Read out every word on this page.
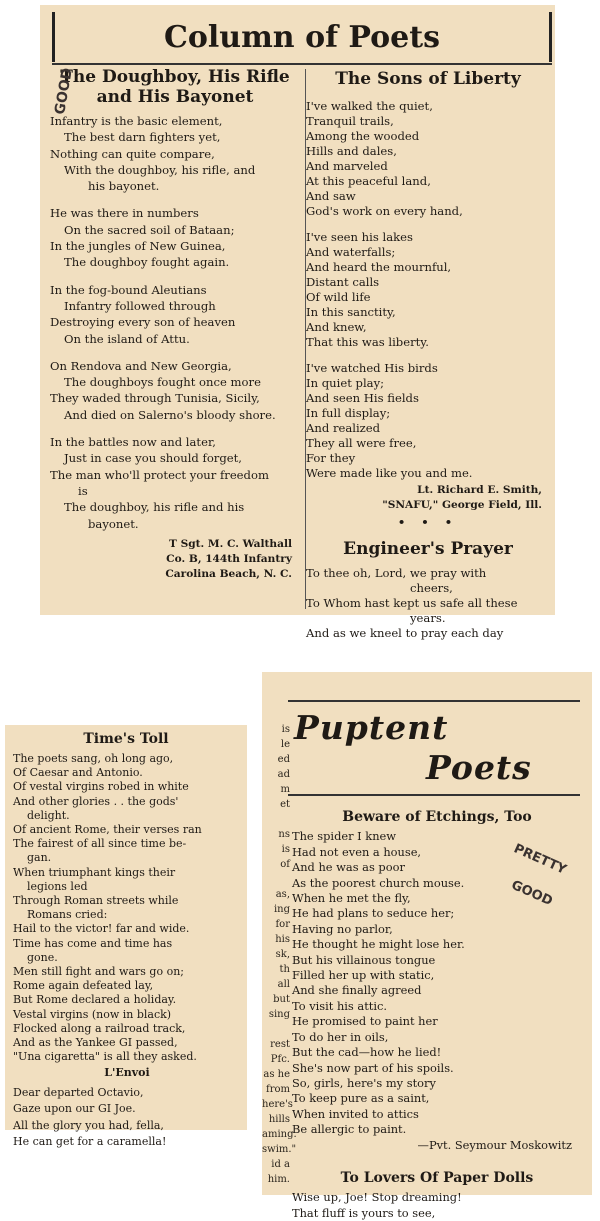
Column of Poets
The Doughboy, His Rifle
and His Bayonet
Infantry is the basic element,
The best darn fighters yet,
Nothing can quite compare,
With the doughboy, his rifle, and
his bayonet.
He was there in numbers
On the sacred soil of Bataan;
In the jungles of New Guinea,
The doughboy fought again.
In the fog-bound Aleutians
Infantry followed through
Destroying every son of heaven
On the island of Attu.
On Rendova and New Georgia,
The doughboys fought once more
They waded through Tunisia, Sicily,
And died on Salerno's bloody shore.
In the battles now and later,
Just in case you should forget,
The man who'll protect your freedom
is
The doughboy, his rifle and his
bayonet.
T Sgt. M. C. Walthall
Co. B, 144th Infantry
Carolina Beach, N. C.
The Sons of Liberty
I've walked the quiet,
Tranquil trails,
Among the wooded
Hills and dales,
And marveled
At this peaceful land,
And saw
God's work on every hand,
I've seen his lakes
And waterfalls;
And heard the mournful,
Distant calls
Of wild life
In this sanctity,
And knew,
That this was liberty.
I've watched His birds
In quiet play;
And seen His fields
In full display;
And realized
They all were free,
For they
Were made like you and me.
Lt. Richard E. Smith,
"SNAFU," George Field, Ill.
• • •
Engineer's Prayer
To thee oh, Lord, we pray with
cheers,
To Whom hast kept us safe all these
years.
And as we kneel to pray each day
GOOD
Time's Toll
The poets sang, oh long ago,
Of Caesar and Antonio.
Of vestal virgins robed in white
And other glories . . the gods'
delight.
Of ancient Rome, their verses ran
The fairest of all since time be-
gan.
When triumphant kings their
legions led
Through Roman streets while
Romans cried:
Hail to the victor! far and wide.
Time has come and time has
gone.
Men still fight and wars go on;
Rome again defeated lay,
But Rome declared a holiday.
Vestal virgins (now in black)
Flocked along a railroad track,
And as the Yankee GI passed,
"Una cigaretta" is all they asked.
L'Envoi
Dear departed Octavio,
Gaze upon our GI Joe.
All the glory you had, fella,
He can get for a caramella!
is
le
ed
ad
m
et

ns
is
of

as,
ing
for
his
sk,
th
all
but
sing

rest
Pfc.
as he
from
here's
hills
aming.
swim."
id a
him.
Puptent
Poets
Beware of Etchings, Too
The spider I knew
Had not even a house,
And he was as poor
As the poorest church mouse.
When he met the fly,
He had plans to seduce her;
Having no parlor,
He thought he might lose her.
But his villainous tongue
Filled her up with static,
And she finally agreed
To visit his attic.
He promised to paint her
To do her in oils,
But the cad—how he lied!
She's now part of his spoils.
So, girls, here's my story
To keep pure as a saint,
When invited to attics
Be allergic to paint.
—Pvt. Seymour Moskowitz
To Lovers Of Paper Dolls
Wise up, Joe! Stop dreaming!
That fluff is yours to see,
PRETTY
GOOD
